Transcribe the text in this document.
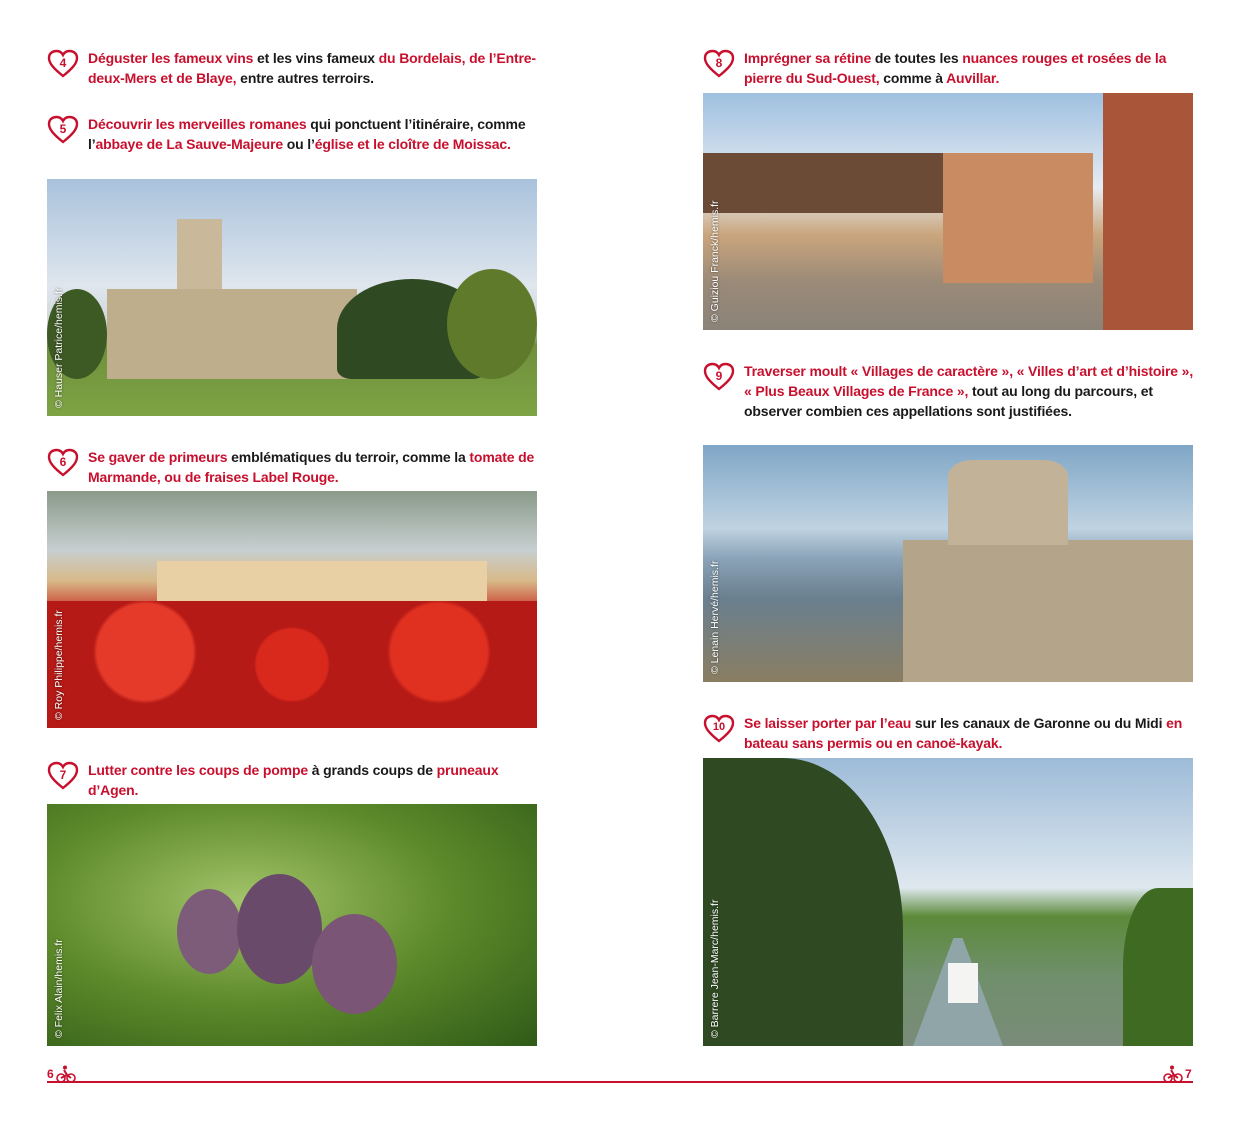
4	Déguster les fameux vins et les vins fameux du Bordelais, de l’Entre-deux-Mers et de Blaye, entre autres terroirs.
5	Découvrir les merveilles romanes qui ponctuent l’itinéraire, comme l’abbaye de La Sauve-Majeure ou l’église et le cloître de Moissac.
6	Se gaver de primeurs emblématiques du terroir, comme la tomate de Marmande, ou de fraises Label Rouge.
7	Lutter contre les coups de pompe à grands coups de pruneaux d’Agen.
8	Imprégner sa rétine de toutes les nuances rouges et rosées de la pierre du Sud-Ouest, comme à Auvillar.
9	Traverser moult « Villages de caractère », « Villes d’art et d’histoire », « Plus Beaux Villages de France », tout au long du parcours, et observer combien ces appellations sont justifiées.
10	Se laisser porter par l’eau sur les canaux de Garonne ou du Midi en bateau sans permis ou en canoë-kayak.
© Hauser Patrice/hemis.fr
© Roy Philippe/hemis.fr
© Felix Alain/hemis.fr
© Guiziou Franck/hemis.fr
© Lenain Hervé/hemis.fr
© Barrere Jean-Marc/hemis.fr
6	7
